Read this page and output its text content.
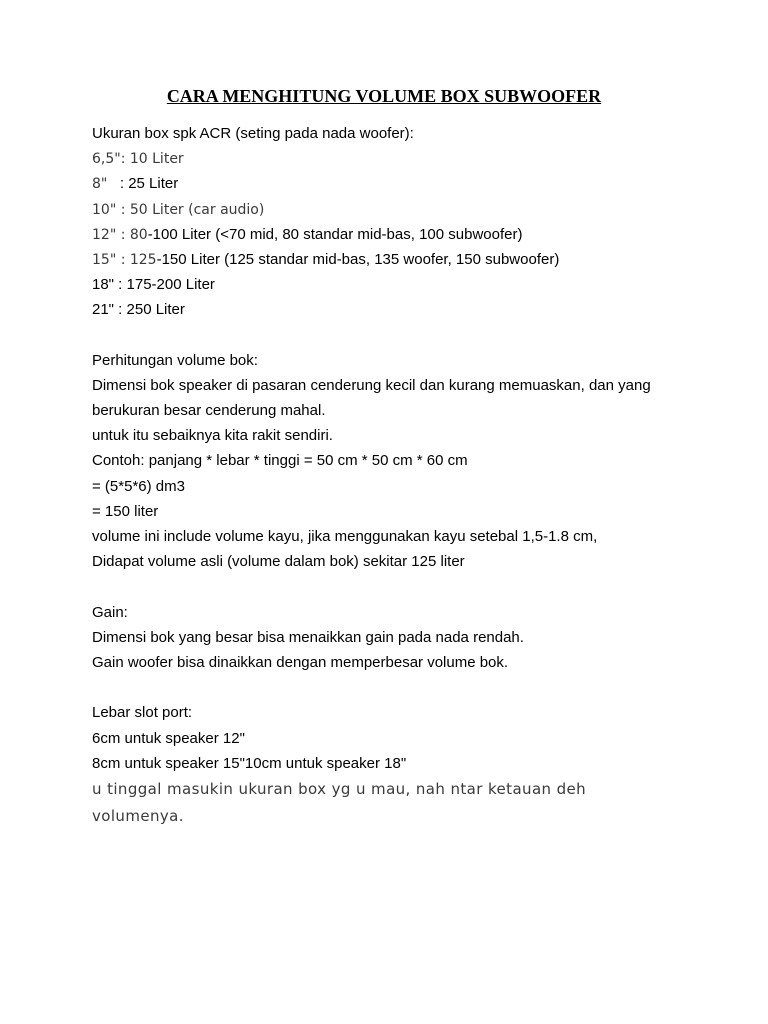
CARA MENGHITUNG VOLUME BOX SUBWOOFER
Ukuran box spk ACR (seting pada nada woofer):
6,5": 10 Liter
8"   : 25 Liter
10" : 50 Liter (car audio)
12" : 80-100 Liter (<70 mid, 80 standar mid-bas, 100 subwoofer)
15" : 125-150 Liter (125 standar mid-bas, 135 woofer, 150 subwoofer)
18" : 175-200 Liter
21" : 250 Liter
Perhitungan volume bok:
Dimensi bok speaker di pasaran cenderung kecil dan kurang memuaskan, dan yang
berukuran besar cenderung mahal.
untuk itu sebaiknya kita rakit sendiri.
Contoh: panjang * lebar * tinggi = 50 cm * 50 cm * 60 cm
= (5*5*6) dm3
= 150 liter
volume ini include volume kayu, jika menggunakan kayu setebal 1,5-1.8 cm,
Didapat volume asli (volume dalam bok) sekitar 125 liter
Gain:
Dimensi bok yang besar bisa menaikkan gain pada nada rendah.
Gain woofer bisa dinaikkan dengan memperbesar volume bok.
Lebar slot port:
6cm untuk speaker 12"
8cm untuk speaker 15"10cm untuk speaker 18"
u tinggal masukin ukuran box yg u mau, nah ntar ketauan deh
volumenya.
